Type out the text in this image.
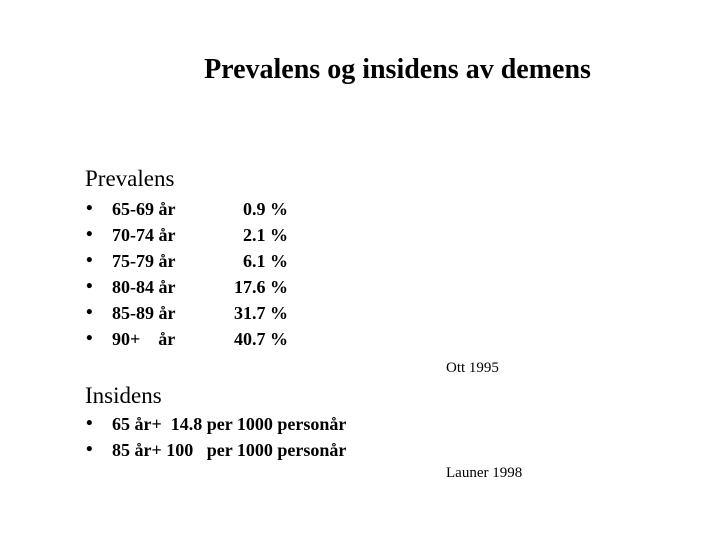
Prevalens og insidens av demens
Prevalens
• 65-69 år	0.9 %
• 70-74 år	2.1 %
• 75-79 år	6.1 %
• 80-84 år	17.6 %
• 85-89 år	31.7 %
• 90+    år	40.7 %
Ott 1995
Insidens
• 65 år+  14.8 per 1000 personår
• 85 år+ 100   per 1000 personår
Launer 1998
